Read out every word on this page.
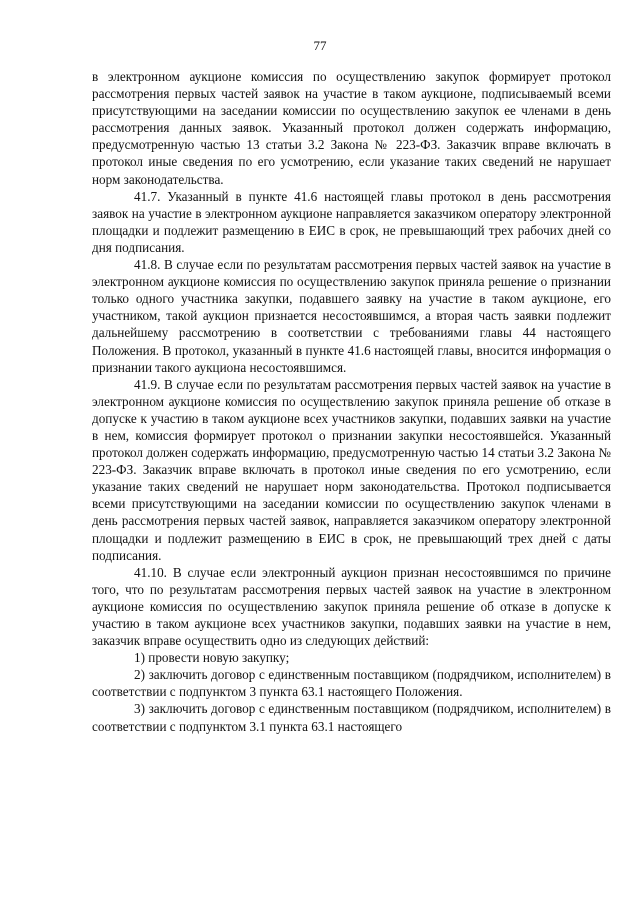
77

в электронном аукционе комиссия по осуществлению закупок формирует протокол рассмотрения первых частей заявок на участие в таком аукционе, подписываемый всеми присутствующими на заседании комиссии по осуществлению закупок ее членами в день рассмотрения данных заявок. Указанный протокол должен содержать информацию, предусмотренную частью 13 статьи 3.2 Закона № 223-ФЗ. Заказчик вправе включать в протокол иные сведения по его усмотрению, если указание таких сведений не нарушает норм законодательства.

41.7. Указанный в пункте 41.6 настоящей главы протокол в день рассмотрения заявок на участие в электронном аукционе направляется заказчиком оператору электронной площадки и подлежит размещению в ЕИС в срок, не превышающий трех рабочих дней со дня подписания.

41.8. В случае если по результатам рассмотрения первых частей заявок на участие в электронном аукционе комиссия по осуществлению закупок приняла решение о признании только одного участника закупки, подавшего заявку на участие в таком аукционе, его участником, такой аукцион признается несостоявшимся, а вторая часть заявки подлежит дальнейшему рассмотрению в соответствии с требованиями главы 44 настоящего Положения. В протокол, указанный в пункте 41.6 настоящей главы, вносится информация о признании такого аукциона несостоявшимся.

41.9. В случае если по результатам рассмотрения первых частей заявок на участие в электронном аукционе комиссия по осуществлению закупок приняла решение об отказе в допуске к участию в таком аукционе всех участников закупки, подавших заявки на участие в нем, комиссия формирует протокол о признании закупки несостоявшейся. Указанный протокол должен содержать информацию, предусмотренную частью 14 статьи 3.2 Закона № 223-ФЗ. Заказчик вправе включать в протокол иные сведения по его усмотрению, если указание таких сведений не нарушает норм законодательства. Протокол подписывается всеми присутствующими на заседании комиссии по осуществлению закупок членами в день рассмотрения первых частей заявок, направляется заказчиком оператору электронной площадки и подлежит размещению в ЕИС в срок, не превышающий трех дней с даты подписания.

41.10. В случае если электронный аукцион признан несостоявшимся по причине того, что по результатам рассмотрения первых частей заявок на участие в электронном аукционе комиссия по осуществлению закупок приняла решение об отказе в допуске к участию в таком аукционе всех участников закупки, подавших заявки на участие в нем, заказчик вправе осуществить одно из следующих действий:

1) провести новую закупку;

2) заключить договор с единственным поставщиком (подрядчиком, исполнителем) в соответствии с подпунктом 3 пункта 63.1 настоящего Положения.

3) заключить договор с единственным поставщиком (подрядчиком, исполнителем) в соответствии с подпунктом 3.1 пункта 63.1 настоящего
